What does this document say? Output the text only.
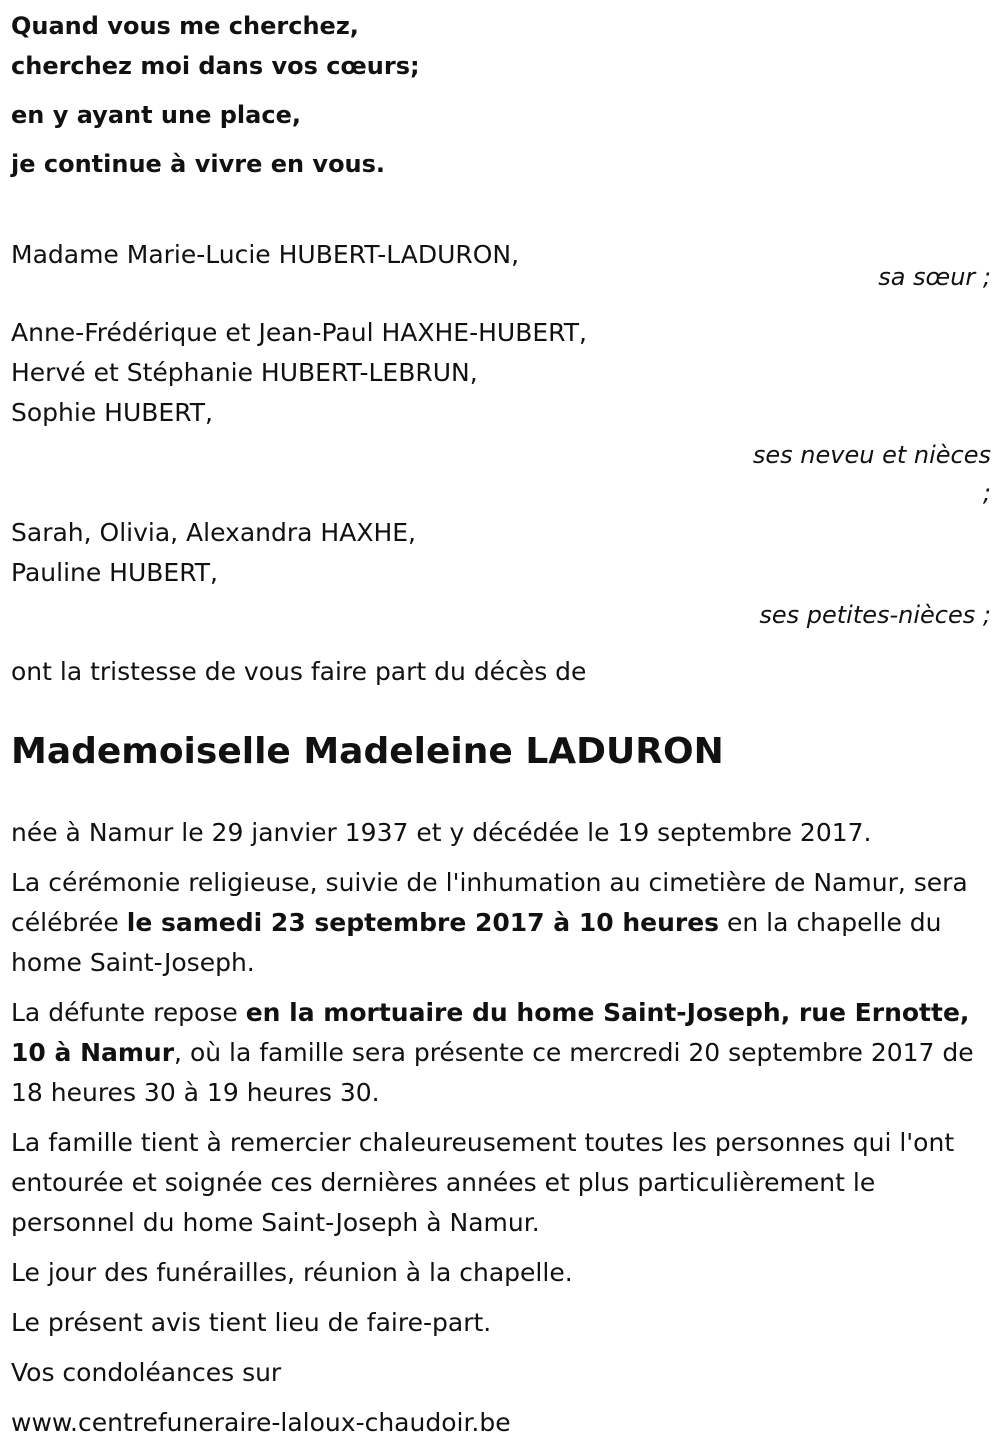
Quand vous me cherchez,

cherchez moi dans vos cœurs;

en y ayant une place,

je continue à vivre en vous.

Madame Marie-Lucie HUBERT-LADURON,

sa sœur ;

Anne-Frédérique et Jean-Paul HAXHE-HUBERT,

Hervé et Stéphanie HUBERT-LEBRUN,

Sophie HUBERT,

ses neveu et nièces

;

Sarah, Olivia, Alexandra HAXHE,

Pauline HUBERT,

ses petites-nièces ;

ont la tristesse de vous faire part du décès de

Mademoiselle Madeleine LADURON

née à Namur le 29 janvier 1937 et y décédée le 19 septembre 2017.

La cérémonie religieuse, suivie de l'inhumation au cimetière de Namur, sera célébrée le samedi 23 septembre 2017 à 10 heures en la chapelle du home Saint-Joseph.

La défunte repose en la mortuaire du home Saint-Joseph, rue Ernotte, 10 à Namur, où la famille sera présente ce mercredi 20 septembre 2017 de 18 heures 30 à 19 heures 30.

La famille tient à remercier chaleureusement toutes les personnes qui l'ont entourée et soignée ces dernières années et plus particulièrement le personnel du home Saint-Joseph à Namur.

Le jour des funérailles, réunion à la chapelle.

Le présent avis tient lieu de faire-part.

Vos condoléances sur

www.centrefuneraire-laloux-chaudoir.be
